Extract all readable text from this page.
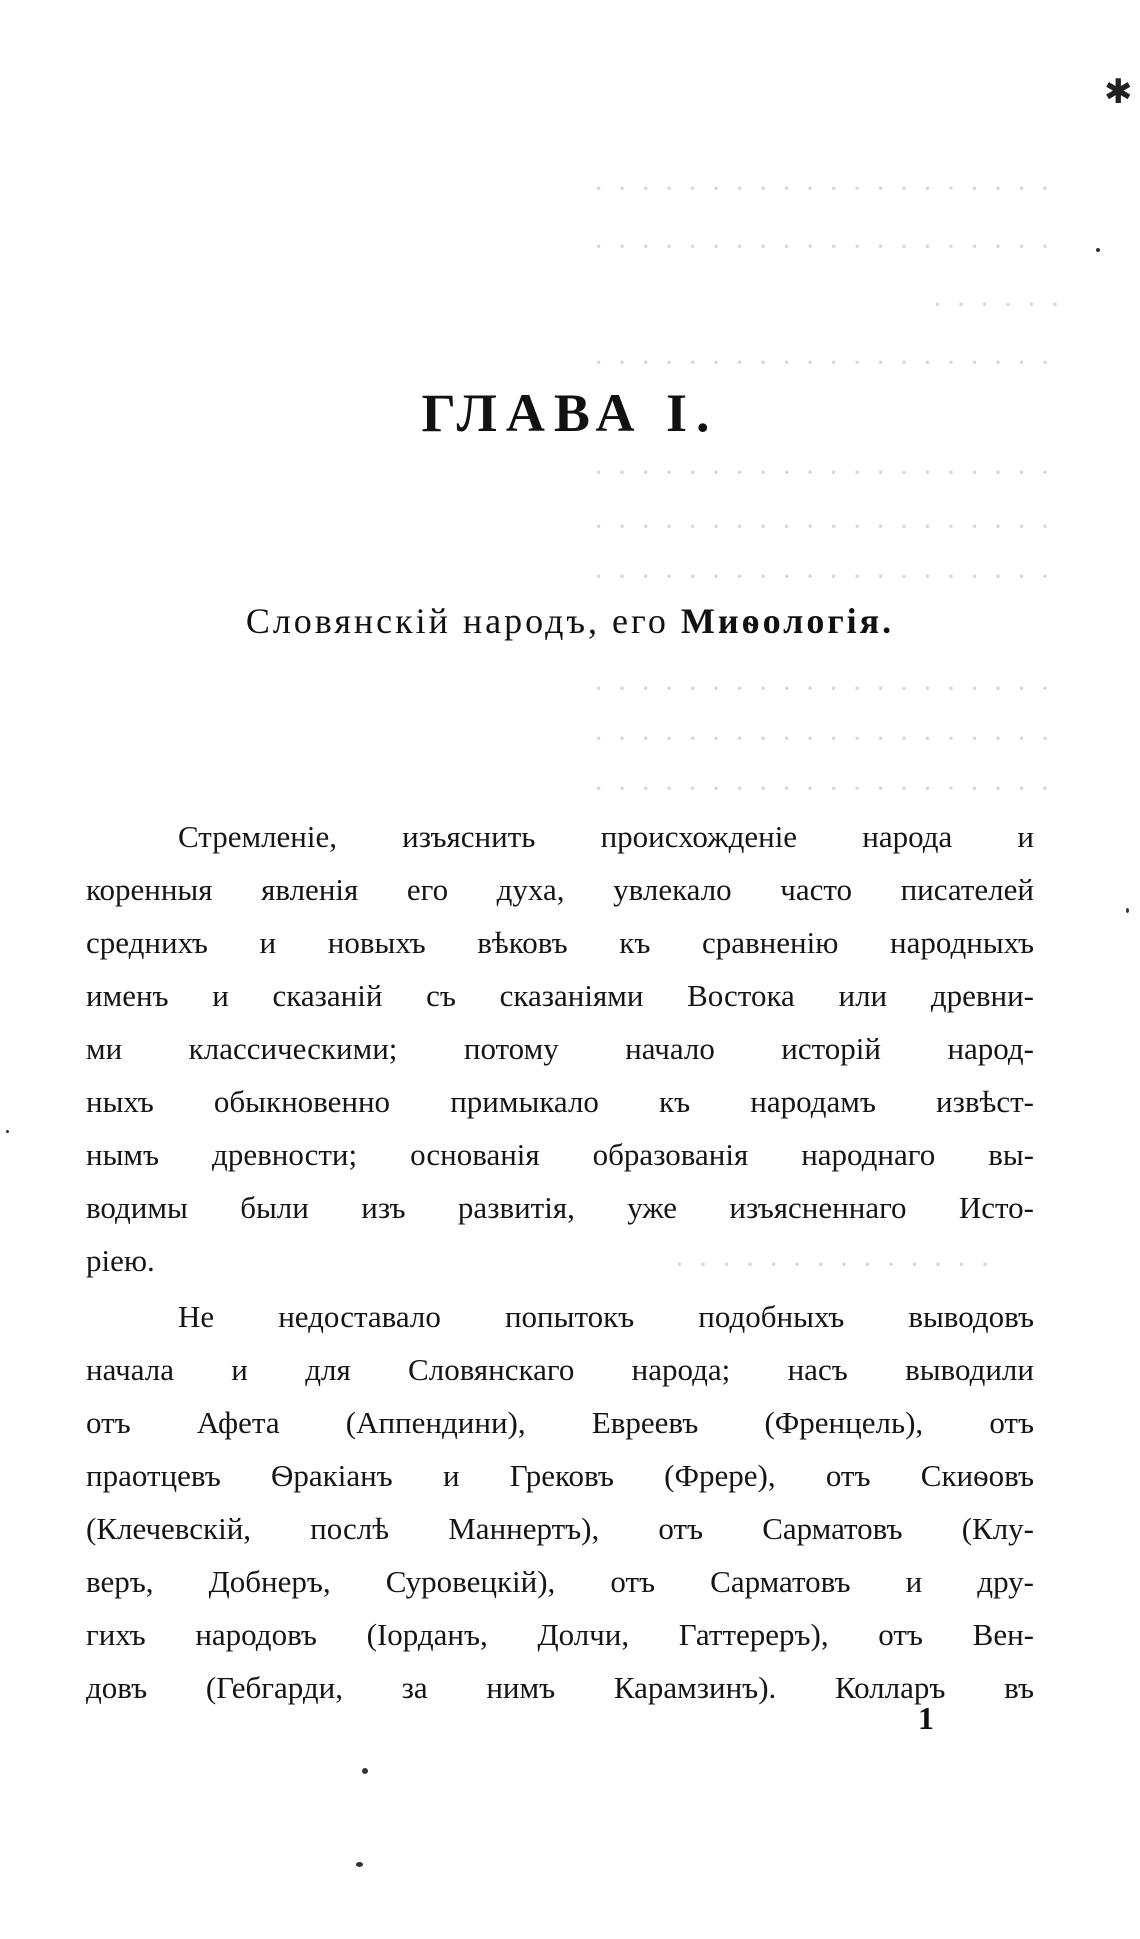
· · · · · · · · · · · · · · · · · · · ·
· · · · · · · · · · · · · · · · · · · ·
· · · · · ·
· · · · · · · · · · · · · · · · · · · ·
· · · · · · · · · · · · · · · · · · · ·
· · · · · · · · · · · · · · · · · · · ·
· · · · · · · · · · · · · · · · · · · ·
· · · · · · · · · · · · · · · · · · · ·
· · · · · · · · · · · · · · · · · · · ·
· · · · · · · · · · · · · · · · · · · ·
· · · · · · · · · · · · · ·
✱
ГЛАВА I.
Словянскій народъ, его Миѳологія.
Стремленіе, изъяснить происхожденіе народа и
коренныя явленія его духа, увлекало часто писателей
среднихъ и новыхъ вѣковъ къ сравненію народныхъ
именъ и сказаній съ сказаніями Востока или древни-
ми классическими; потому начало исторій народ-
ныхъ обыкновенно примыкало къ народамъ извѣст-
нымъ древности; основанія образованія народнаго вы-
водимы были изъ развитія, уже изъясненнаго Исто-
ріею.
Не недоставало попытокъ подобныхъ выводовъ
начала и для Словянскаго народа; насъ выводили
отъ Афета (Аппендини), Евреевъ (Френцель), отъ
праотцевъ Ѳракіанъ и Грековъ (Фрере), отъ Скиѳовъ
(Клечевскій, послѣ Маннертъ), отъ Сарматовъ (Клу-
веръ, Добнеръ, Суровецкій), отъ Сарматовъ и дру-
гихъ народовъ (Іорданъ, Долчи, Гаттереръ), отъ Вен-
довъ (Гебгарди, за нимъ Карамзинъ). Колларъ въ
1
